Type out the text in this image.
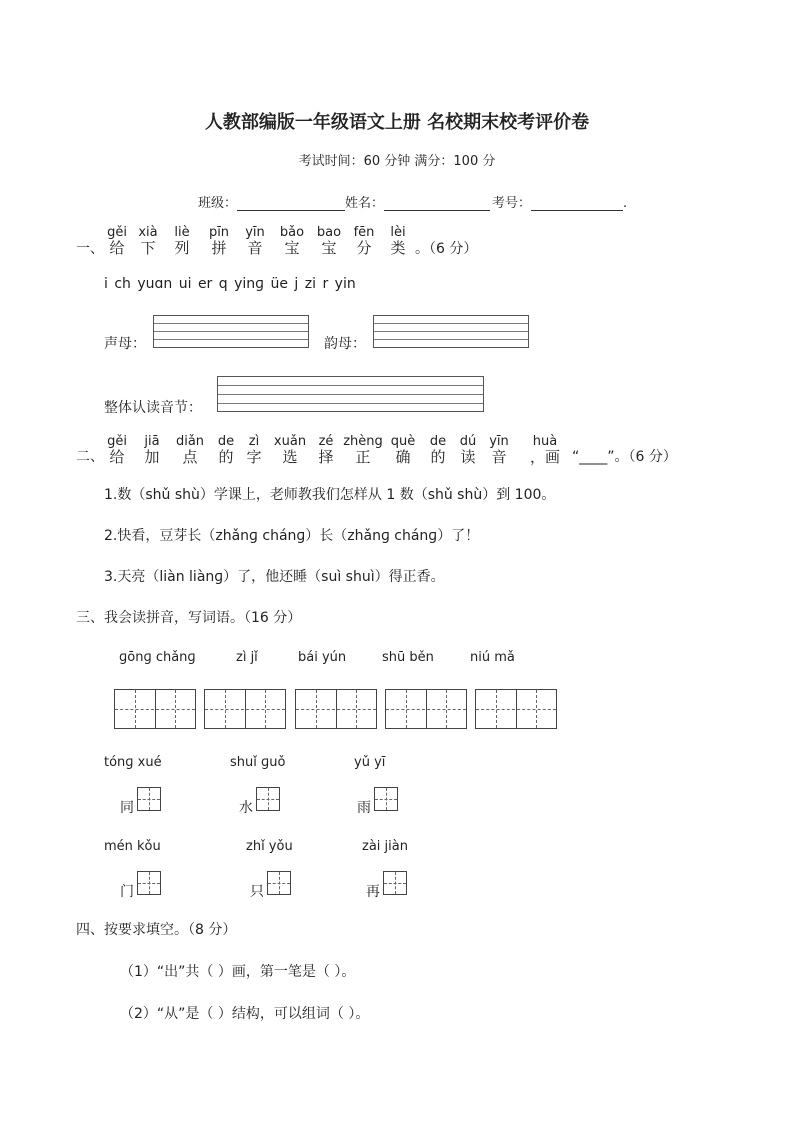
人教部编版一年级语文上册 名校期末校考评价卷
考试时间：60 分钟 满分：100 分
班级：	姓名：	考号：	.
一、
gěi
给
xià
下
liè
列
pīn
拼
yīn
音
bǎo
宝
bao
宝
fēn
分
lèi
类 。（6 分）
i ch yuɑn ui er q yinɡ üe j zi r yin
声母：	韵母：
整体认读音节：
二、
gěi
给
jiā
加
diǎn
点
de
的
zì
字
xuǎn
选
zé
择
zhèng
正
què
确
de
的
dú
读
yīn
音
huà
，画 “____”。（6 分）
1.数（shǔ shù）学课上，老师教我们怎样从 1 数（shǔ shù）到 100。
2.快看，豆芽长（zhǎnɡ chánɡ）长（zhǎnɡ chánɡ）了！
3.天亮（liàn liànɡ）了，他还睡（suì shuì）得正香。
三、我会读拼音，写词语。（16 分）
ɡōnɡ chǎnɡ	zì jǐ	bái yún	shū běn	niú mǎ
tónɡ xué	shuǐ ɡuǒ	yǔ yī
同	水	雨
mén kǒu	zhǐ yǒu	zài jiàn
门	只	再
四、按要求填空。（8 分）
（1）“出”共（ ）画，第一笔是（ ）。
（2）“从”是（ ）结构，可以组词（ ）。
